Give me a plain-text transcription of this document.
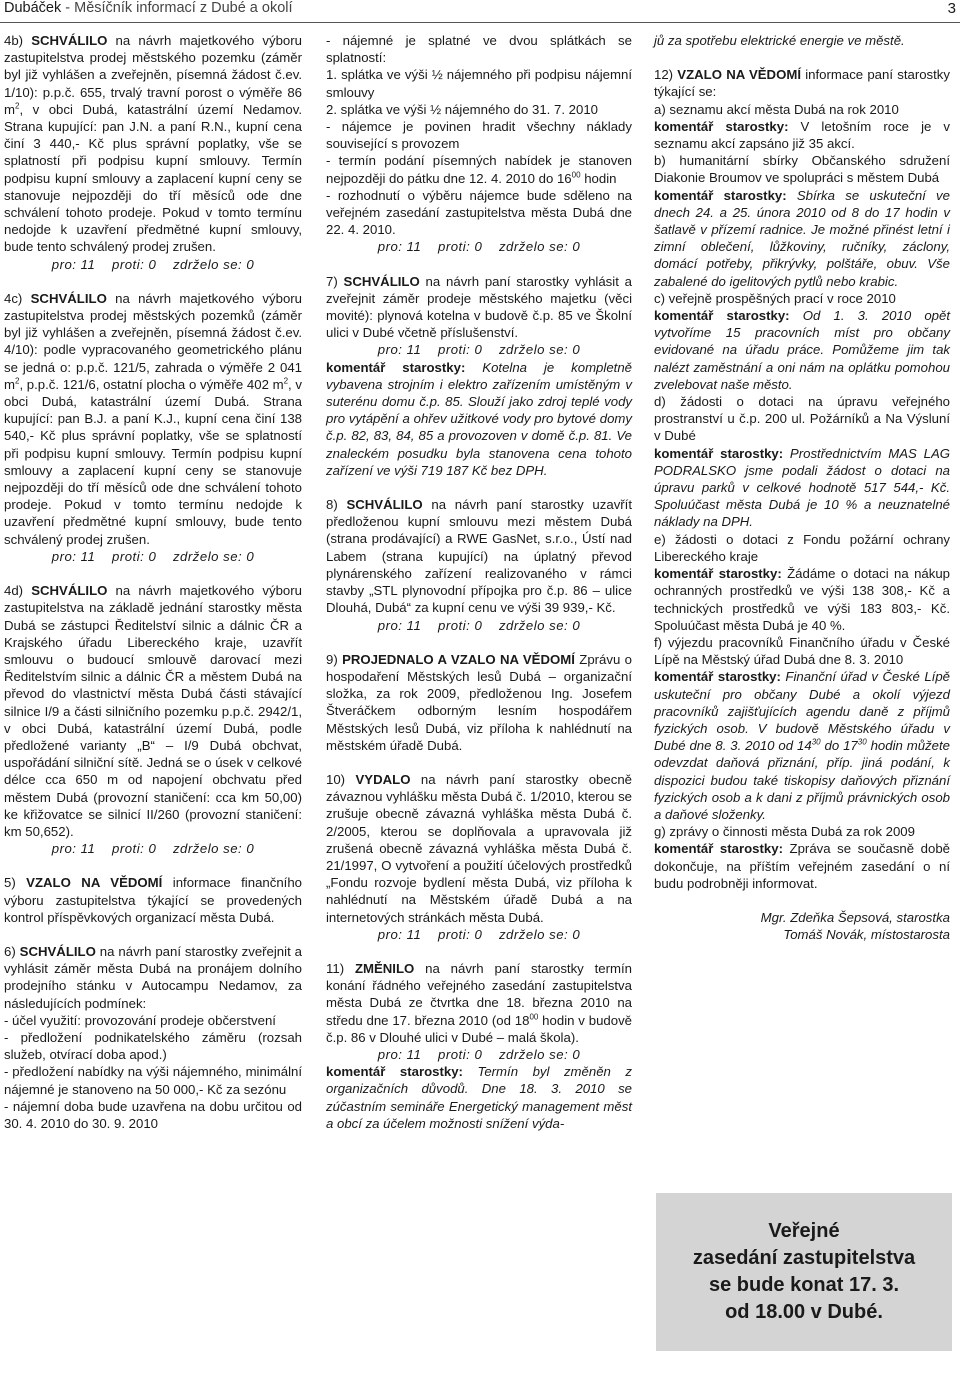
Dubáček - Měsíčník informací z Dubé a okolí	3

4b) SCHVÁLILO na návrh majetkového výboru zastupitelstva prodej městského pozemku (záměr byl již vyhlášen a zveřejněn, písemná žádost č.ev. 1/10): p.p.č. 655, trvalý travní porost o výměře 86 $m^2$, v obci Dubá, katastrální území Nedamov. Strana kupující: pan J.N. a paní R.N., kupní cena činí 3 440,- Kč plus správní poplatky, vše se splatností při podpisu kupní smlouvy. Termín podpisu kupní smlouvy a zaplacení kupní ceny se stanovuje nejpozději do tří měsíců ode dne schválení tohoto prodeje. Pokud v tomto termínu nedojde k uzavření předmětné kupní smlouvy, bude tento schválený prodej zrušen.

pro: 11    proti: 0    zdrželo se: 0

4c) SCHVÁLILO na návrh majetkového výboru zastupitelstva prodej městských pozemků (záměr byl již vyhlášen a zveřejněn, písemná žádost č.ev. 4/10): podle vypracovaného geometrického plánu se jedná o: p.p.č. 121/5, zahrada o výměře 2 041 $m^2$, p.p.č. 121/6, ostatní plocha o výměře 402 $m^2$, v obci Dubá, katastrální území Dubá. Strana kupující: pan B.J. a paní K.J., kupní cena činí 138 540,- Kč plus správní poplatky, vše se splatností při podpisu kupní smlouvy. Termín podpisu kupní smlouvy a zaplacení kupní ceny se stanovuje nejpozději do tří měsíců ode dne schválení tohoto prodeje. Pokud v tomto termínu nedojde k uzavření předmětné kupní smlouvy, bude tento schválený prodej zrušen.

pro: 11    proti: 0    zdrželo se: 0

4d) SCHVÁLILO na návrh majetkového výboru zastupitelstva na základě jednání starostky města Dubá se zástupci Ředitelství silnic a dálnic ČR a Krajského úřadu Libereckého kraje, uzavřít smlouvu o budoucí smlouvě darovací mezi Ředitelstvím silnic a dálnic ČR a městem Dubá na převod do vlastnictví města Dubá části stávající silnice I/9 a části silničního pozemku p.p.č. 2942/1, v obci Dubá, katastrální území Dubá, podle předložené varianty „B“ – I/9 Dubá obchvat, uspořádání silniční sítě. Jedná se o úsek v celkové délce cca 650 m od napojení obchvatu před městem Dubá (provozní staničení: cca km 50,00) ke křižovatce se silnicí II/260 (provozní staničení: km 50,652).

pro: 11    proti: 0    zdrželo se: 0

5) VZALO NA VĚDOMÍ informace finančního výboru zastupitelstva týkající se provedených kontrol příspěvkových organizací města Dubá.

6) SCHVÁLILO na návrh paní starostky zveřejnit a vyhlásit záměr města Dubá na pronájem dolního prodejního stánku v Autocampu Nedamov, za následujících podmínek:

- účel využití: provozování prodeje občerstvení

- předložení podnikatelského záměru (rozsah služeb, otvírací doba apod.)

- předložení nabídky na výši nájemného, minimální nájemné je stanoveno na 50 000,- Kč za sezónu

- nájemní doba bude uzavřena na dobu určitou od 30. 4. 2010 do 30. 9. 2010

- nájemné je splatné ve dvou splátkách se splatností:

1. splátka ve výši ½ nájemného při podpisu nájemní smlouvy

2. splátka ve výši ½ nájemného do 31. 7. 2010

- nájemce je povinen hradit všechny náklady související s provozem

- termín podání písemných nabídek je stanoven nejpozději do pátku dne 12. 4. 2010 do $16^{00}$ hodin

- rozhodnutí o výběru nájemce bude sděleno na veřejném zasedání zastupitelstva města Dubá dne 22. 4. 2010.

pro: 11    proti: 0    zdrželo se: 0

7) SCHVÁLILO na návrh paní starostky vyhlásit a zveřejnit záměr prodeje městského majetku (věci movité): plynová kotelna v budově č.p. 85 ve Školní ulici v Dubé včetně příslušenství.

pro: 11    proti: 0    zdrželo se: 0

komentář starostky: Kotelna je kompletně vybavena strojním i elektro zařízením umístěným v suterénu domu č.p. 85. Slouží jako zdroj teplé vody pro vytápění a ohřev užitkové vody pro bytové domy č.p. 82, 83, 84, 85 a provozoven v domě č.p. 81. Ve znaleckém posudku byla stanovena cena tohoto zařízení ve výši 719 187 Kč bez DPH.

8) SCHVÁLILO na návrh paní starostky uzavřít předloženou kupní smlouvu mezi městem Dubá (strana prodávající) a RWE GasNet, s.r.o., Ústí nad Labem (strana kupující) na úplatný převod plynárenského zařízení realizovaného v rámci stavby „STL plynovodní přípojka pro č.p. 86 – ulice Dlouhá, Dubá“ za kupní cenu ve výši 39 939,- Kč.

pro: 11    proti: 0    zdrželo se: 0

9) PROJEDNALO A VZALO NA VĚDOMÍ Zprávu o hospodaření Městských lesů Dubá – organizační složka, za rok 2009, předloženou Ing. Josefem Štveráčkem odborným lesním hospodářem Městských lesů Dubá, viz příloha k nahlédnutí na městském úřadě Dubá.

10) VYDALO na návrh paní starostky obecně závaznou vyhlášku města Dubá č. 1/2010, kterou se zrušuje obecně závazná vyhláška města Dubá č. 2/2005, kterou se doplňovala a upravovala již zrušená obecně závazná vyhláška města Dubá č. 21/1997, O vytvoření a použití účelových prostředků „Fondu rozvoje bydlení města Dubá, viz příloha k nahlédnutí na Městském úřadě Dubá a na internetových stránkách města Dubá.

pro: 11    proti: 0    zdrželo se: 0

11) ZMĚNILO na návrh paní starostky termín konání řádného veřejného zasedání zastupitelstva města Dubá ze čtvrtka dne 18. března 2010 na středu dne 17. března 2010 (od $18^{00}$ hodin v budově č.p. 86 v Dlouhé ulici v Dubé – malá škola).

pro: 11    proti: 0    zdrželo se: 0

komentář starostky: Termín byl změněn z organizačních důvodů. Dne 18. 3. 2010 se zúčastním semináře Energetický management měst a obcí za účelem možnosti snížení výda-

jů za spotřebu elektrické energie ve městě.

12) VZALO NA VĚDOMÍ informace paní starostky týkající se:

a) seznamu akcí města Dubá na rok 2010

komentář starostky: V letošním roce je v seznamu akcí zapsáno již 35 akcí.

b) humanitární sbírky Občanského sdružení Diakonie Broumov ve spolupráci s městem Dubá

komentář starostky: Sbírka se uskuteční ve dnech 24. a 25. února 2010 od 8 do 17 hodin v šatlavě v přízemí radnice. Je možné přinést letní i zimní oblečení, lůžkoviny, ručníky, záclony, domácí potřeby, přikrývky, polštáře, obuv. Vše zabalené do igelitových pytlů nebo krabic.

c) veřejně prospěšných prací v roce 2010

komentář starostky: Od 1. 3. 2010 opět vytvoříme 15 pracovních míst pro občany evidované na úřadu práce. Pomůžeme jim tak nalézt zaměstnání a oni nám na oplátku pomohou zvelebovat naše město.

d) žádosti o dotaci na úpravu veřejného prostranství u č.p. 200 ul. Požárníků a Na Výsluní v Dubé

komentář starostky: Prostřednictvím MAS LAG PODRALSKO jsme podali žádost o dotaci na úpravu parků v celkové hodnotě 517 544,- Kč. Spoluúčast města Dubá je 10 % a neuznatelné náklady na DPH.

e) žádosti o dotaci z Fondu požární ochrany Libereckého kraje

komentář starostky: Žádáme o dotaci na nákup ochranných prostředků ve výši 138 308,- Kč a technických prostředků ve výši 183 803,- Kč. Spoluúčast města Dubá je 40 %.

f) výjezdu pracovníků Finančního úřadu v České Lípě na Městský úřad Dubá dne 8. 3. 2010

komentář starostky: Finanční úřad v České Lípě uskuteční pro občany Dubé a okolí výjezd pracovníků zajišťujících agendu daně z příjmů fyzických osob. V budově Městského úřadu v Dubé dne 8. 3. 2010 od $14^{30}$ do $17^{30}$ hodin můžete odevzdat daňová přiznání, příp. jiná podání, k dispozici budou také tiskopisy daňových přiznání fyzických osob a k dani z příjmů právnických osob a daňové složenky.

g) zprávy o činnosti města Dubá za rok 2009

komentář starostky: Zpráva se současně době dokončuje, na příštím veřejném zasedání o ní budu podrobněji informovat.

Mgr. Zdeňka Šepsová, starostka

Tomáš Novák, místostarosta

Veřejné
zasedání zastupitelstva
se bude konat 17. 3.
od 18.00 v Dubé.
